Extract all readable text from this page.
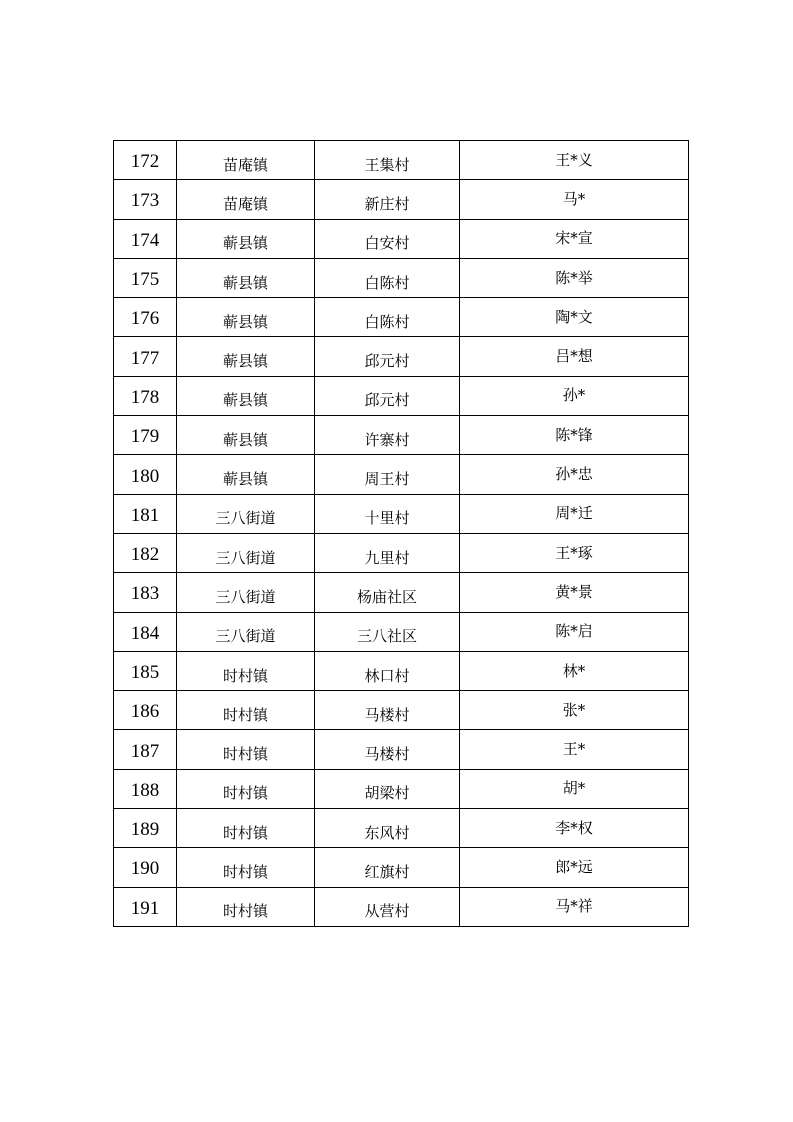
172	苗庵镇	王集村	王*义
173	苗庵镇	新庄村	马*
174	蕲县镇	白安村	宋*宣
175	蕲县镇	白陈村	陈*举
176	蕲县镇	白陈村	陶*文
177	蕲县镇	邱元村	吕*想
178	蕲县镇	邱元村	孙*
179	蕲县镇	许寨村	陈*锋
180	蕲县镇	周王村	孙*忠
181	三八街道	十里村	周*迁
182	三八街道	九里村	王*琢
183	三八街道	杨庙社区	黄*景
184	三八街道	三八社区	陈*启
185	时村镇	林口村	林*
186	时村镇	马楼村	张*
187	时村镇	马楼村	王*
188	时村镇	胡梁村	胡*
189	时村镇	东风村	李*权
190	时村镇	红旗村	郎*远
191	时村镇	从营村	马*祥
